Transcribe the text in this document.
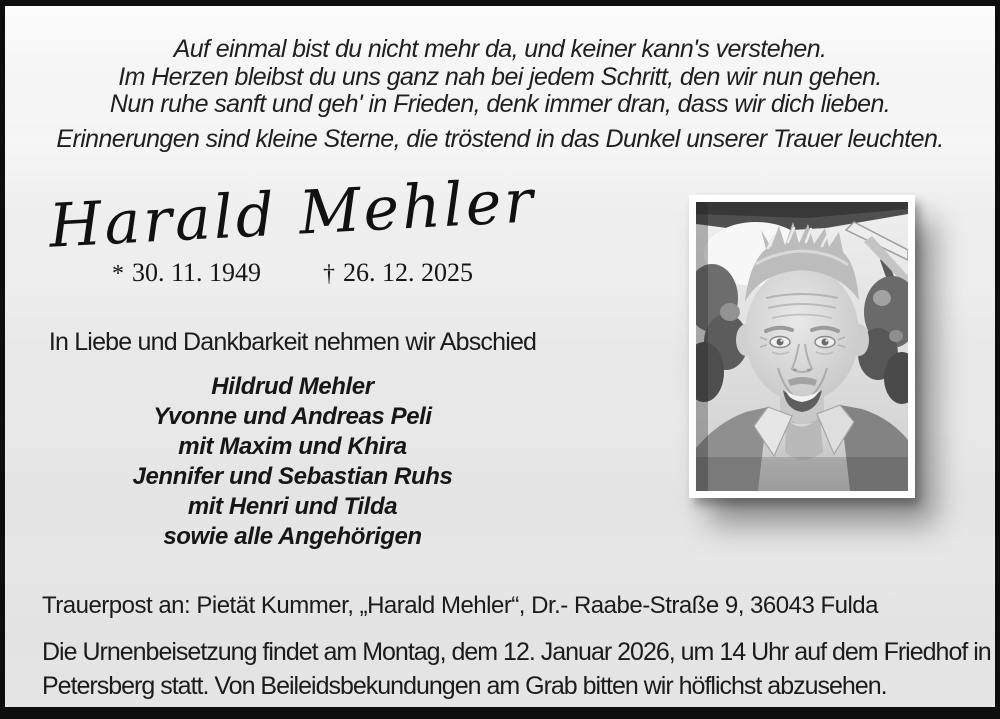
Auf einmal bist du nicht mehr da, und keiner kann's verstehen.
Im Herzen bleibst du uns ganz nah bei jedem Schritt, den wir nun gehen.
Nun ruhe sanft und geh' in Frieden, denk immer dran, dass wir dich lieben.
Erinnerungen sind kleine Sterne, die tröstend in das Dunkel unserer Trauer leuchten.
Harald Mehler
* 30. 11. 1949	† 26. 12. 2025
In Liebe und Dankbarkeit nehmen wir Abschied
Hildrud Mehler
Yvonne und Andreas Peli
mit Maxim und Khira
Jennifer und Sebastian Ruhs
mit Henri und Tilda
sowie alle Angehörigen
Trauerpost an: Pietät Kummer, „Harald Mehler“, Dr.- Raabe-Straße 9, 36043 Fulda
Die Urnenbeisetzung findet am Montag, dem 12. Januar 2026, um 14 Uhr auf dem Friedhof in
Petersberg statt. Von Beileidsbekundungen am Grab bitten wir höflichst abzusehen.
